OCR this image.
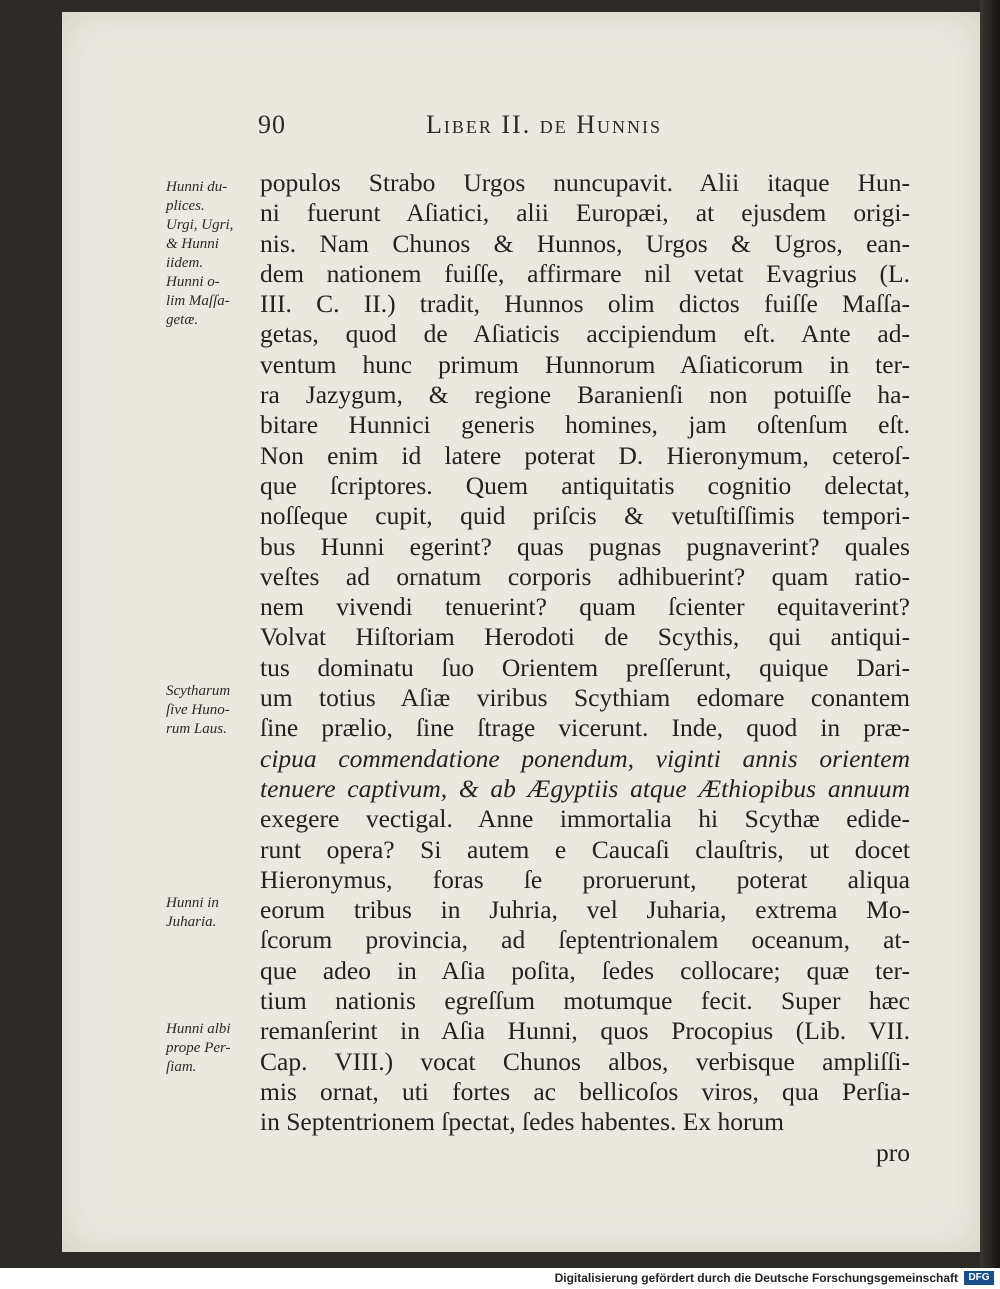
90	Liber II. de Hunnis
Hunni du-
plices.
Urgi, Ugri,
& Hunni
iidem.
Hunni o-
lim Maſſa-
getæ.
Scytharum
ſive Huno-
rum Laus.
Hunni in
Juharia.
Hunni albi
prope Per-
ſiam.
populos Strabo Urgos nuncupavit. Alii itaque Hun-
ni fuerunt Aſiatici, alii Europæi, at ejusdem origi-
nis. Nam Chunos & Hunnos, Urgos & Ugros, ean-
dem nationem fuiſſe, affirmare nil vetat Evagrius (L.
III. C. II.) tradit, Hunnos olim dictos fuiſſe Maſſa-
getas, quod de Aſiaticis accipiendum eſt. Ante ad-
ventum hunc primum Hunnorum Aſiaticorum in ter-
ra Jazygum, & regione Baranienſi non potuiſſe ha-
bitare Hunnici generis homines, jam oſtenſum eſt.
Non enim id latere poterat D. Hieronymum, ceteroſ-
que ſcriptores. Quem antiquitatis cognitio delectat,
noſſeque cupit, quid priſcis & vetuſtiſſimis tempori-
bus Hunni egerint? quas pugnas pugnaverint? quales
veſtes ad ornatum corporis adhibuerint? quam ratio-
nem vivendi tenuerint? quam ſcienter equitaverint?
Volvat Hiſtoriam Herodoti de Scythis, qui antiqui-
tus dominatu ſuo Orientem preſſerunt, quique Dari-
um totius Aſiæ viribus Scythiam edomare conantem
ſine prælio, ſine ſtrage vicerunt. Inde, quod in præ-
cipua commendatione ponendum, viginti annis orientem
tenuere captivum, & ab Ægyptiis atque Æthiopibus annuum
exegere vectigal. Anne immortalia hi Scythæ edide-
runt opera? Si autem e Caucaſi clauſtris, ut docet
Hieronymus, foras ſe proruerunt, poterat aliqua
eorum tribus in Juhria, vel Juharia, extrema Mo-
ſcorum provincia, ad ſeptentrionalem oceanum, at-
que adeo in Aſia poſita, ſedes collocare; quæ ter-
tium nationis egreſſum motumque fecit. Super hæc
remanſerint in Aſia Hunni, quos Procopius (Lib. VII.
Cap. VIII.) vocat Chunos albos, verbisque ampliſſi-
mis ornat, uti fortes ac bellicoſos viros, qua Perſia-
in Septentrionem ſpectat, ſedes habentes. Ex horum
pro
Digitalisierung gefördert durch die Deutsche Forschungsgemeinschaft	DFG
